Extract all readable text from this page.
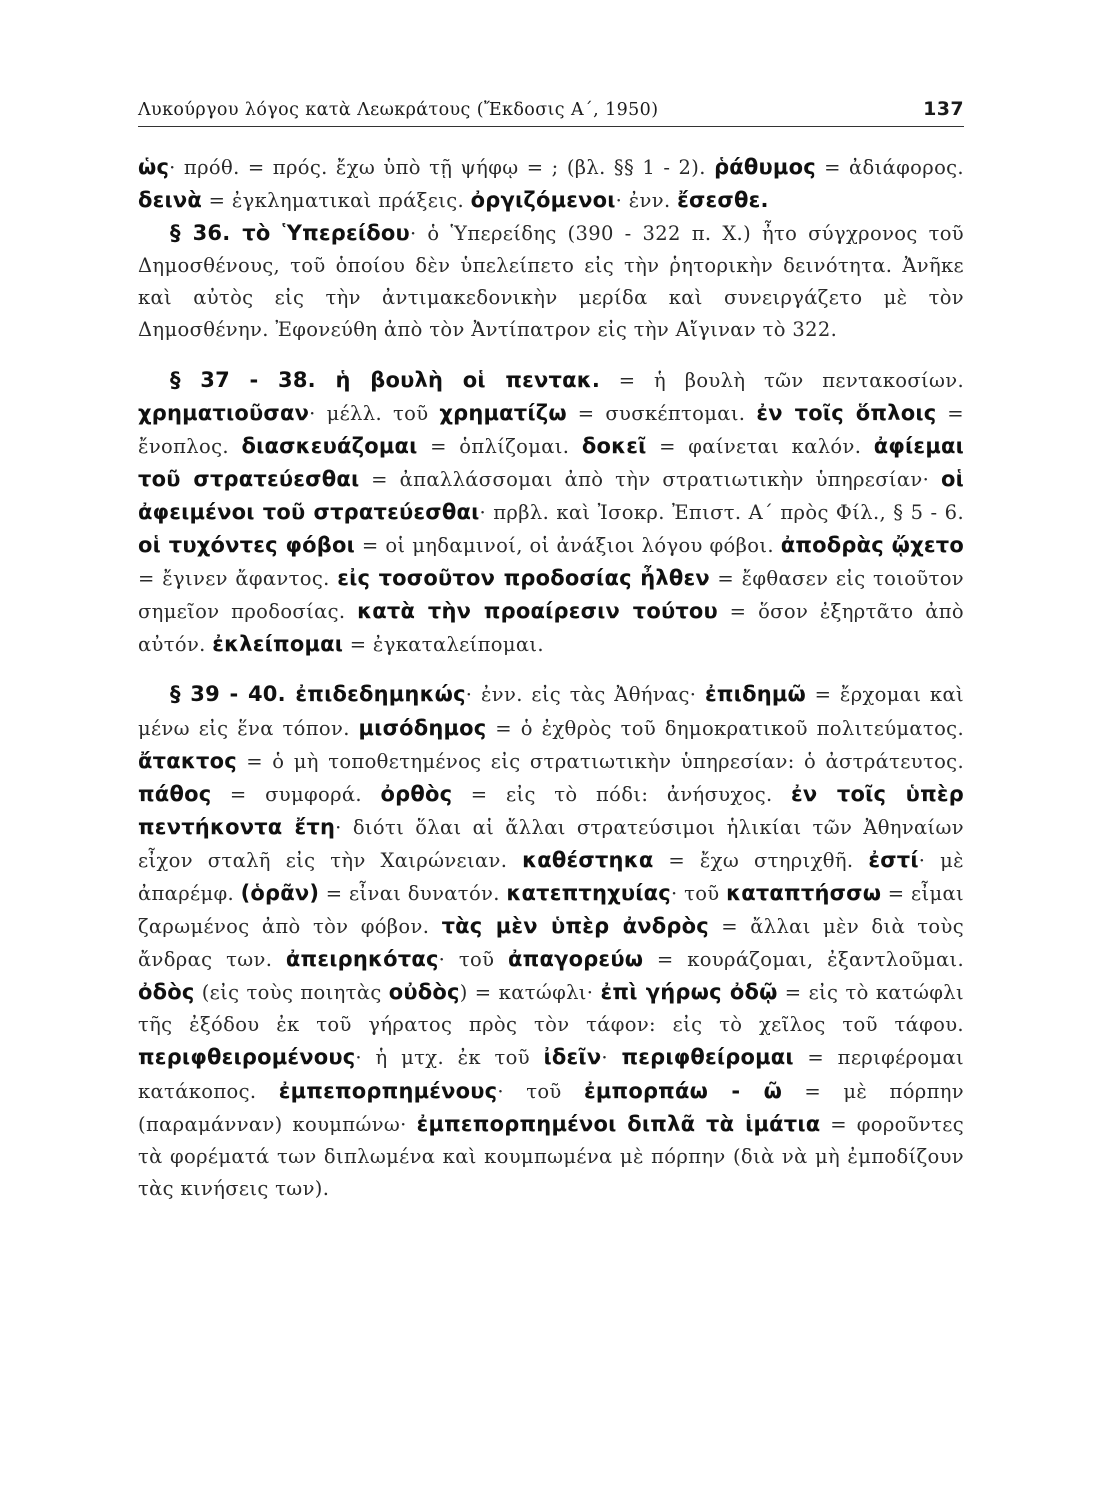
Λυκούργου λόγος κατὰ Λεωκράτους (Ἔκδοσις Α΄, 1950)	137

ὡς· πρόθ. = πρός. ἔχω ὑπὸ τῇ ψήφῳ = ; (βλ. §§ 1 - 2). ῥάθυμος = ἀδιάφορος. δεινὰ = ἐγκληματικαὶ πράξεις. ὀργιζόμενοι· ἐνν. ἔσεσθε.

§ 36. τὸ Ὑπερείδου· ὁ Ὑπερείδης (390 - 322 π. Χ.) ἦτο σύγχρονος τοῦ Δημοσθένους, τοῦ ὁποίου δὲν ὑπελείπετο εἰς τὴν ῥητορικὴν δεινότητα. Ἀνῆκε καὶ αὐτὸς εἰς τὴν ἀντιμακεδονικὴν μερίδα καὶ συνειργάζετο μὲ τὸν Δημοσθένην. Ἐφονεύθη ἀπὸ τὸν Ἀντίπατρον εἰς τὴν Αἴγιναν τὸ 322.

§ 37 - 38. ἡ βουλὴ οἱ πεντακ. = ἡ βουλὴ τῶν πεντακοσίων. χρηματιοῦσαν· μέλλ. τοῦ χρηματίζω = συσκέπτομαι. ἐν τοῖς ὅπλοις = ἔνοπλος. διασκευάζομαι = ὁπλίζομαι. δοκεῖ = φαίνεται καλόν. ἀφίεμαι τοῦ στρατεύεσθαι = ἀπαλλάσσομαι ἀπὸ τὴν στρατιωτικὴν ὑπηρεσίαν· οἱ ἀφειμένοι τοῦ στρατεύεσθαι· πρβλ. καὶ Ἰσοκρ. Ἐπιστ. Α΄ πρὸς Φίλ., § 5 - 6. οἱ τυχόντες φόβοι = οἱ μηδαμινοί, οἱ ἀνάξιοι λόγου φόβοι. ἀποδρὰς ᾤχετο = ἔγινεν ἄφαντος. εἰς τοσοῦτον προδοσίας ἦλθεν = ἔφθασεν εἰς τοιοῦτον σημεῖον προδοσίας. κατὰ τὴν προαίρεσιν τούτου = ὅσον ἐξηρτᾶτο ἀπὸ αὐτόν. ἐκλείπομαι = ἐγκαταλείπομαι.

§ 39 - 40. ἐπιδεδημηκώς· ἐνν. εἰς τὰς Ἀθήνας· ἐπιδημῶ = ἔρχομαι καὶ μένω εἰς ἕνα τόπον. μισόδημος = ὁ ἐχθρὸς τοῦ δημοκρατικοῦ πολιτεύματος. ἄτακτος = ὁ μὴ τοποθετημένος εἰς στρατιωτικὴν ὑπηρεσίαν: ὁ ἀστράτευτος. πάθος = συμφορά. ὀρθὸς = εἰς τὸ πόδι: ἀνήσυχος. ἐν τοῖς ὑπὲρ πεντήκοντα ἔτη· διότι ὅλαι αἱ ἄλλαι στρατεύσιμοι ἡλικίαι τῶν Ἀθηναίων εἶχον σταλῆ εἰς τὴν Χαιρώνειαν. καθέστηκα = ἔχω στηριχθῆ. ἐστί· μὲ ἀπαρέμφ. (ὁρᾶν) = εἶναι δυνατόν. κατεπτηχυίας· τοῦ καταπτήσσω = εἶμαι ζαρωμένος ἀπὸ τὸν φόβον. τὰς μὲν ὑπὲρ ἀνδρὸς = ἄλλαι μὲν διὰ τοὺς ἄνδρας των. ἀπειρηκότας· τοῦ ἀπαγορεύω = κουράζομαι, ἐξαντλοῦμαι. ὀδὸς (εἰς τοὺς ποιητὰς οὐδὸς) = κατώφλι· ἐπὶ γήρως ὀδῷ = εἰς τὸ κατώφλι τῆς ἐξόδου ἐκ τοῦ γήρατος πρὸς τὸν τάφον: εἰς τὸ χεῖλος τοῦ τάφου. περιφθειρομένους· ἡ μτχ. ἐκ τοῦ ἰδεῖν· περιφθείρομαι = περιφέρομαι κατάκοπος. ἐμπεπορπημένους· τοῦ ἐμπορπάω - ῶ = μὲ πόρπην (παραμάνναν) κουμπώνω· ἐμπεπορπημένοι διπλᾶ τὰ ἱμάτια = φοροῦντες τὰ φορέματά των διπλωμένα καὶ κουμπωμένα μὲ πόρπην (διὰ νὰ μὴ ἐμποδίζουν τὰς κινήσεις των).
